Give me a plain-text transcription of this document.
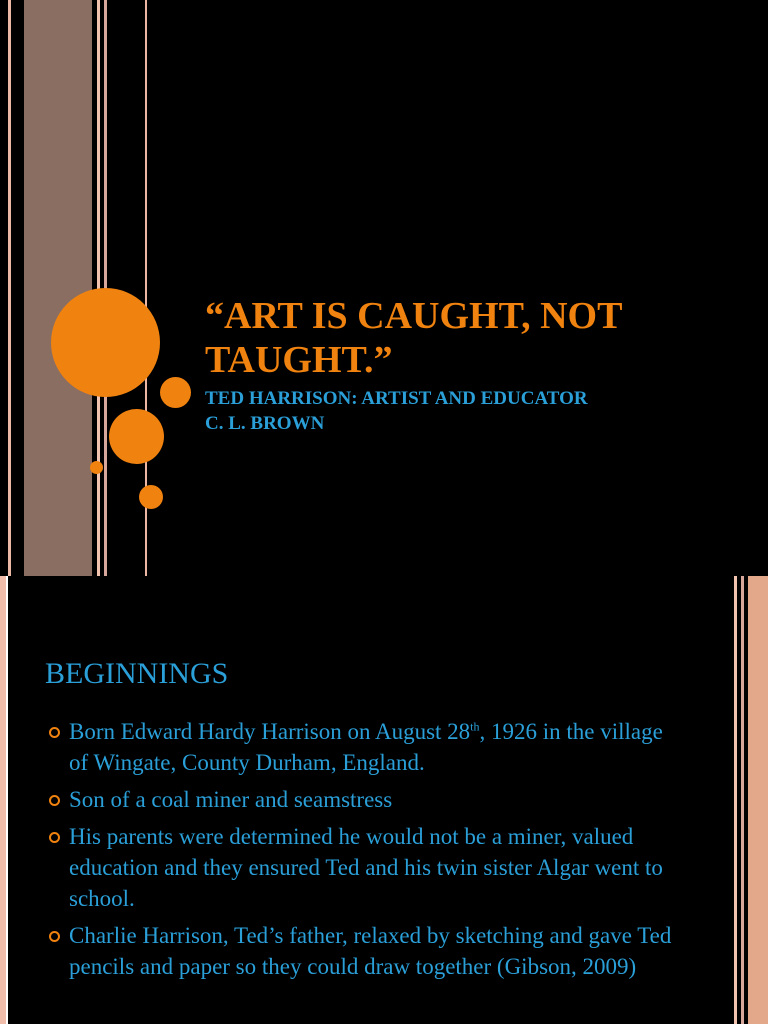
“ART IS CAUGHT, NOT TAUGHT.”
TED HARRISON: ARTIST AND EDUCATOR
C. L. BROWN
BEGINNINGS
Born Edward Hardy Harrison on August 28th, 1926 in the village of Wingate, County Durham, England.
Son of a coal miner and seamstress
His parents were determined he would not be a miner, valued education and they ensured Ted and his twin sister Algar went to school.
Charlie Harrison, Ted’s father, relaxed by sketching and gave Ted pencils and paper so they could draw together (Gibson, 2009)
